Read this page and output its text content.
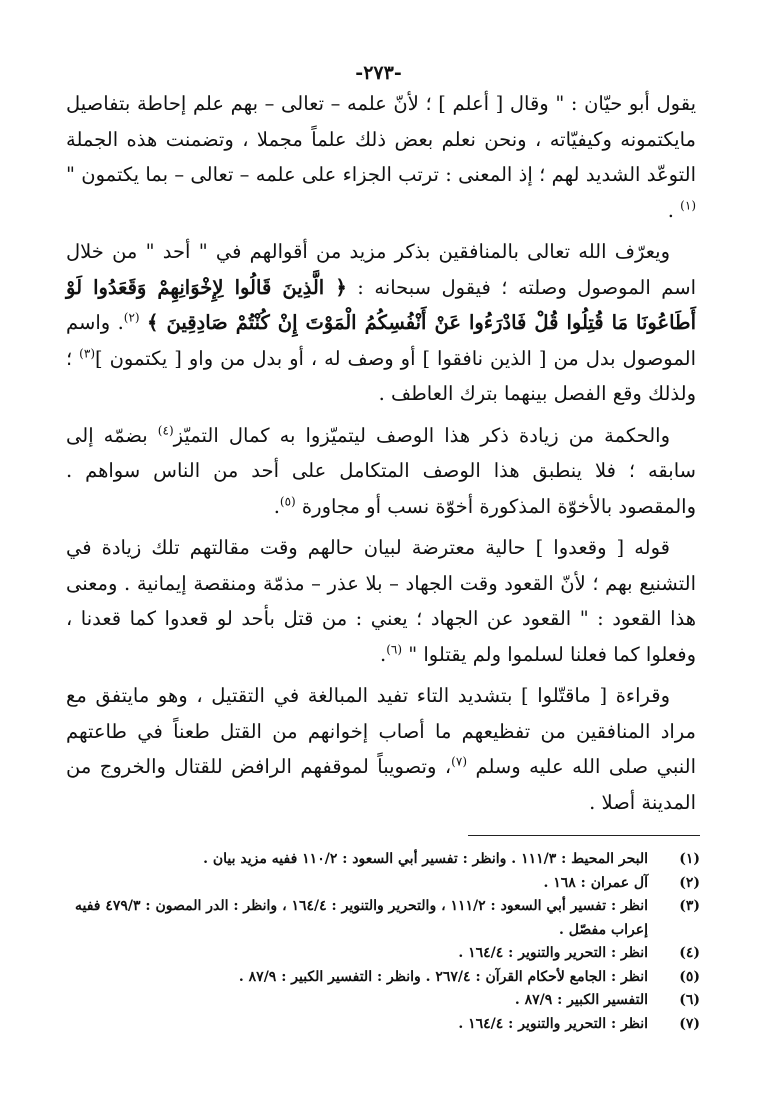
-٢٧٣-

يقول أبو حيّان : " وقال [ أعلم ] ؛ لأنّ علمه – تعالى – بهم علم إحاطة بتفاصيل مايكتمونه وكيفيّاته ، ونحن نعلم بعض ذلك علماً مجملا ، وتضمنت هذه الجملة التوعّد الشديد لهم ؛ إذ المعنى : ترتب الجزاء على علمه – تعالى – بما يكتمون "$^{(١)}$ .

ويعرّف الله تعالى بالمنافقين بذكر مزيد من أقوالهم في " أحد " من خلال اسم الموصول وصلته ؛ فيقول سبحانه : ﴿ الَّذِينَ قَالُوا لِإِخْوَانِهِمْ وَقَعَدُوا لَوْ أَطَاعُونَا مَا قُتِلُوا قُلْ فَادْرَءُوا عَنْ أَنْفُسِكُمُ الْمَوْتَ إِنْ كُنْتُمْ صَادِقِينَ ﴾ $^{(٢)}$. واسم الموصول بدل من [ الذين نافقوا ] أو وصف له ، أو بدل من واو [ يكتمون ]$^{(٣)}$ ؛ ولذلك وقع الفصل بينهما بترك العاطف .

والحكمة من زيادة ذكر هذا الوصف ليتميّزوا به كمال التميّز$^{(٤)}$ بضمّه إلى سابقه ؛ فلا ينطبق هذا الوصف المتكامل على أحد من الناس سواهم . والمقصود بالأخوّة المذكورة أخوّة نسب أو مجاورة $^{(٥)}$.

قوله [ وقعدوا ] حالية معترضة لبيان حالهم وقت مقالتهم تلك زيادة في التشنيع بهم ؛ لأنّ القعود وقت الجهاد – بلا عذر – مذمّة ومنقصة إيمانية . ومعنى هذا القعود : " القعود عن الجهاد ؛ يعني : من قتل بأحد لو قعدوا كما قعدنا ، وفعلوا كما فعلنا لسلموا ولم يقتلوا " $^{(٦)}$.

وقراءة [ ماقتّلوا ] بتشديد التاء تفيد المبالغة في التقتيل ، وهو مايتفق مع مراد المنافقين من تفظيعهم ما أصاب إخوانهم من القتل طعناً في طاعتهم النبي صلى الله عليه وسلم $^{(٧)}$، وتصويباً لموقفهم الرافض للقتال والخروج من المدينة أصلا .

(١)
البحر المحيط : ١١١/٣ . وانظر : تفسير أبي السعود : ١١٠/٢ ففيه مزيد بيان .
(٢)
آل عمران : ١٦٨ .
(٣)
انظر : تفسير أبي السعود : ١١١/٢ ، والتحرير والتنوير : ١٦٤/٤ ، وانظر : الدر المصون : ٤٧٩/٣ ففيه إعراب مفصّل .
(٤)
انظر : التحرير والتنوير : ١٦٤/٤ .
(٥)
انظر : الجامع لأحكام القرآن : ٢٦٧/٤ . وانظر : التفسير الكبير : ٨٧/٩ .
(٦)
التفسير الكبير : ٨٧/٩ .
(٧)
انظر : التحرير والتنوير : ١٦٤/٤ .
